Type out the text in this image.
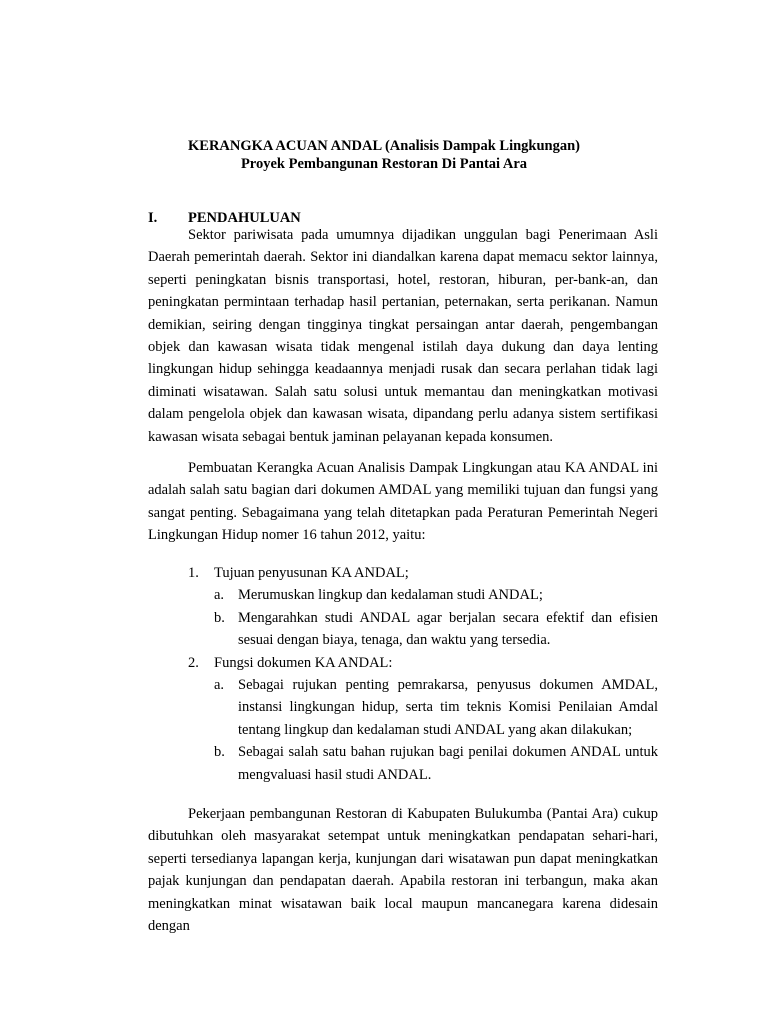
KERANGKA ACUAN ANDAL (Analisis Dampak Lingkungan)

Proyek Pembangunan Restoran Di Pantai Ara

I. PENDAHULUAN

Sektor pariwisata pada umumnya dijadikan unggulan bagi Penerimaan Asli Daerah pemerintah daerah. Sektor ini diandalkan karena dapat memacu sektor lainnya, seperti peningkatan bisnis transportasi, hotel, restoran, hiburan, per-bank-an, dan peningkatan permintaan terhadap hasil pertanian, peternakan, serta perikanan. Namun demikian, seiring dengan tingginya tingkat persaingan antar daerah, pengembangan objek dan kawasan wisata tidak mengenal istilah daya dukung dan daya lenting lingkungan hidup sehingga keadaannya menjadi rusak dan secara perlahan tidak lagi diminati wisatawan. Salah satu solusi untuk memantau dan meningkatkan motivasi dalam pengelola objek dan kawasan wisata, dipandang perlu adanya sistem sertifikasi kawasan wisata sebagai bentuk jaminan pelayanan kepada konsumen.

Pembuatan Kerangka Acuan Analisis Dampak Lingkungan atau KA ANDAL ini adalah salah satu bagian dari dokumen AMDAL yang memiliki tujuan dan fungsi yang sangat penting. Sebagaimana yang telah ditetapkan pada Peraturan Pemerintah Negeri Lingkungan Hidup nomer 16 tahun 2012, yaitu:

1. Tujuan penyusunan KA ANDAL;
a. Merumuskan lingkup dan kedalaman studi ANDAL;
b. Mengarahkan studi ANDAL agar berjalan secara efektif dan efisien sesuai dengan biaya, tenaga, dan waktu yang tersedia.
2. Fungsi dokumen KA ANDAL:
a. Sebagai rujukan penting pemrakarsa, penyusus dokumen AMDAL, instansi lingkungan hidup, serta tim teknis Komisi Penilaian Amdal tentang lingkup dan kedalaman studi ANDAL yang akan dilakukan;
b. Sebagai salah satu bahan rujukan bagi penilai dokumen ANDAL untuk mengvaluasi hasil studi ANDAL.

Pekerjaan pembangunan Restoran di Kabupaten Bulukumba (Pantai Ara) cukup dibutuhkan oleh masyarakat setempat untuk meningkatkan pendapatan sehari-hari, seperti tersedianya lapangan kerja, kunjungan dari wisatawan pun dapat meningkatkan pajak kunjungan dan pendapatan daerah. Apabila restoran ini terbangun, maka akan meningkatkan minat wisatawan baik local maupun mancanegara karena didesain dengan
